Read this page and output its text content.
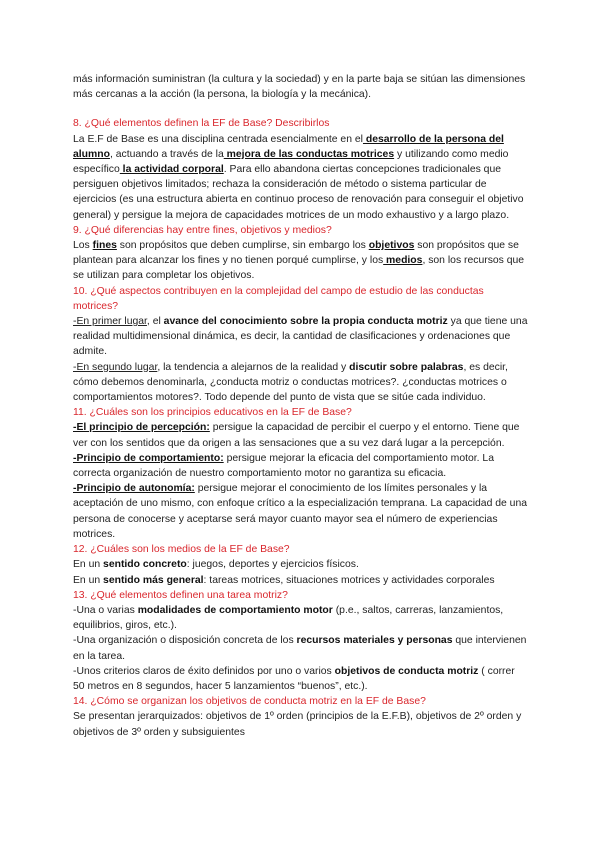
más información suministran (la cultura y la sociedad) y en la parte baja se sitúan las dimensiones más cercanas a la acción (la persona, la biología y la mecánica).

8. ¿Qué elementos definen la EF de Base? Describirlos

La E.F de Base es una disciplina centrada esencialmente en el desarrollo de la persona del alumno, actuando a través de la mejora de las conductas motrices y utilizando como medio específico la actividad corporal. Para ello abandona ciertas concepciones tradicionales que persiguen objetivos limitados; rechaza la consideración de método o sistema particular de ejercicios (es una estructura abierta en continuo proceso de renovación para conseguir el objetivo general) y persigue la mejora de capacidades motrices de un modo exhaustivo y a largo plazo.

9. ¿Qué diferencias hay entre fines, objetivos y medios?

Los fines son propósitos que deben cumplirse, sin embargo los objetivos son propósitos que se plantean para alcanzar los fines y no tienen porqué cumplirse, y los medios, son los recursos que se utilizan para completar los objetivos.

10. ¿Qué aspectos contribuyen en la complejidad del campo de estudio de las conductas motrices?

-En primer lugar, el avance del conocimiento sobre la propia conducta motriz ya que tiene una realidad multidimensional dinámica, es decir, la cantidad de clasificaciones y ordenaciones que admite.

-En segundo lugar, la tendencia a alejarnos de la realidad y discutir sobre palabras, es decir, cómo debemos denominarla, ¿conducta motriz o conductas motrices?. ¿conductas motrices o comportamientos motores?. Todo depende del punto de vista que se sitúe cada individuo.

11. ¿Cuáles son los principios educativos en la EF de Base?

-El principio de percepción: persigue la capacidad de percibir el cuerpo y el entorno. Tiene que ver con los sentidos que da origen a las sensaciones que a su vez dará lugar a la percepción.

-Principio de comportamiento: persigue mejorar la eficacia del comportamiento motor. La correcta organización de nuestro comportamiento motor no garantiza su eficacia.

-Principio de autonomía: persigue mejorar el conocimiento de los límites personales y la aceptación de uno mismo, con enfoque crítico a la especialización temprana. La capacidad de una persona de conocerse y aceptarse será mayor cuanto mayor sea el número de experiencias motrices.

12. ¿Cuáles son los medios de la EF de Base?

En un sentido concreto: juegos, deportes y ejercicios físicos.

En un sentido más general: tareas motrices, situaciones motrices y actividades corporales

13. ¿Qué elementos definen una tarea motriz?

-Una o varias modalidades de comportamiento motor (p.e., saltos, carreras, lanzamientos, equilibrios, giros, etc.).

-Una organización o disposición concreta de los recursos materiales y personas que intervienen en la tarea.

-Unos criterios claros de éxito definidos por uno o varios objetivos de conducta motriz ( correr 50 metros en 8 segundos, hacer 5 lanzamientos “buenos”, etc.).

14. ¿Cómo se organizan los objetivos de conducta motriz en la EF de Base?

Se presentan jerarquizados: objetivos de 1º orden (principios de la E.F.B), objetivos de 2º orden y objetivos de 3º orden y subsiguientes
